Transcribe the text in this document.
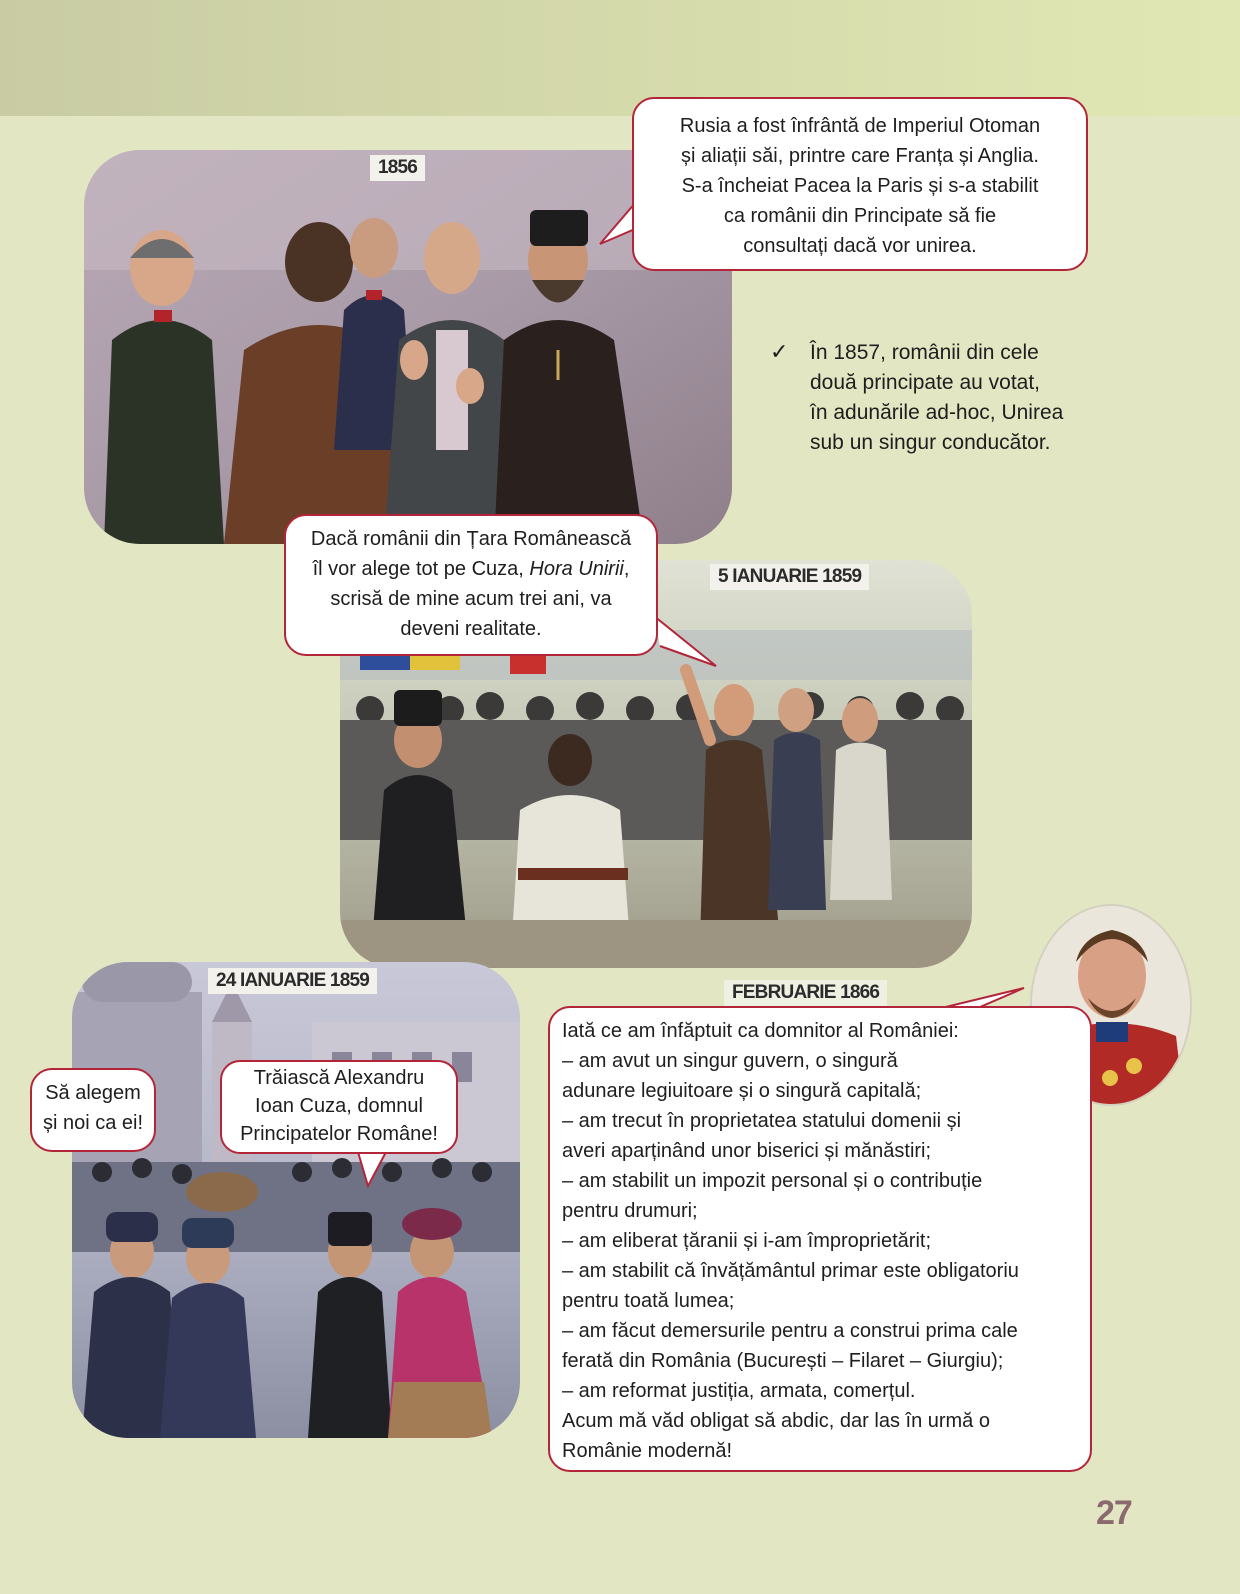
1856

Rusia a fost înfrântă de Imperiul Otoman

și aliații săi, printre care Franța și Anglia.

S-a încheiat Pacea la Paris și s-a stabilit

ca românii din Principate să fie

consultați dacă vor unirea.

✓ În 1857, românii din cele
două principate au votat,
în adunările ad-hoc, Unirea
sub un singur conducător.
5 IANUARIE 1859

Dacă românii din Țara Românească

îl vor alege tot pe Cuza, Hora Unirii,

scrisă de mine acum trei ani, va

deveni realitate.

24 IANUARIE 1859

Să alegem

și noi ca ei!

Trăiască Alexandru

Ioan Cuza, domnul

Principatelor Române!

FEBRUARIE 1866
Iată ce am înfăptuit ca domnitor al României:
– am avut un singur guvern, o singură
adunare legiuitoare și o singură capitală;
– am trecut în proprietatea statului domenii și
averi aparținând unor biserici și mănăstiri;
– am stabilit un impozit personal și o contribuție
pentru drumuri;
– am eliberat țăranii și i-am împroprietărit;
– am stabilit că învățământul primar este obligatoriu
pentru toată lumea;
– am făcut demersurile pentru a construi prima cale
ferată din România (București – Filaret – Giurgiu);
– am reformat justiția, armata, comerțul.
Acum mă văd obligat să abdic, dar las în urmă o
Românie modernă!
27
